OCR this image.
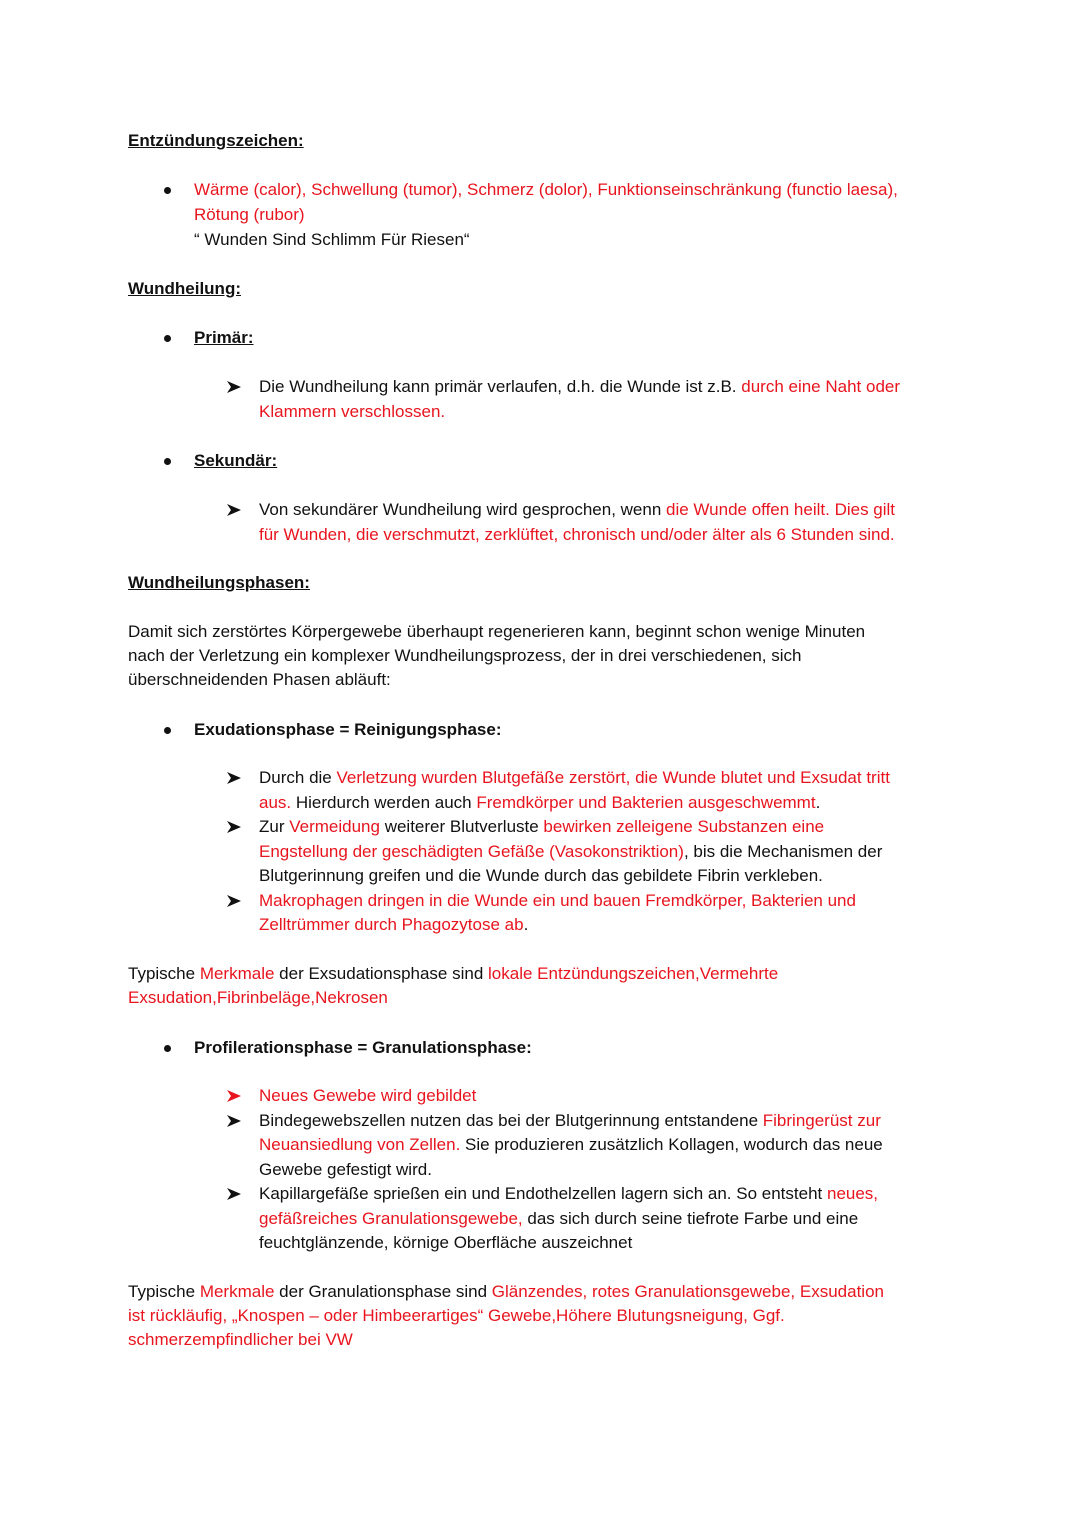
Entzündungszeichen:
Wärme (calor), Schwellung (tumor), Schmerz (dolor), Funktionseinschränkung (functio laesa),
Rötung (rubor)
“ Wunden Sind Schlimm Für Riesen“
Wundheilung:
Primär:
Die Wundheilung kann primär verlaufen, d.h. die Wunde ist z.B. durch eine Naht oder
Klammern verschlossen.
Sekundär:
Von sekundärer Wundheilung wird gesprochen, wenn die Wunde offen heilt. Dies gilt
für Wunden, die verschmutzt, zerklüftet, chronisch und/oder älter als 6 Stunden sind.
Wundheilungsphasen:
Damit sich zerstörtes Körpergewebe überhaupt regenerieren kann, beginnt schon wenige Minuten
nach der Verletzung ein komplexer Wundheilungsprozess, der in drei verschiedenen, sich
überschneidenden Phasen abläuft:
Exudationsphase = Reinigungsphase:
Durch die Verletzung wurden Blutgefäße zerstört, die Wunde blutet und Exsudat tritt
aus. Hierdurch werden auch Fremdkörper und Bakterien ausgeschwemmt.
Zur Vermeidung weiterer Blutverluste bewirken zelleigene Substanzen eine
Engstellung der geschädigten Gefäße (Vasokonstriktion), bis die Mechanismen der
Blutgerinnung greifen und die Wunde durch das gebildete Fibrin verkleben.
Makrophagen dringen in die Wunde ein und bauen Fremdkörper, Bakterien und
Zelltrümmer durch Phagozytose ab.
Typische Merkmale der Exsudationsphase sind lokale Entzündungszeichen,Vermehrte
Exsudation,Fibrinbeläge,Nekrosen
Profilerationsphase = Granulationsphase:
Neues Gewebe wird gebildet
Bindegewebszellen nutzen das bei der Blutgerinnung entstandene Fibringerüst zur
Neuansiedlung von Zellen. Sie produzieren zusätzlich Kollagen, wodurch das neue
Gewebe gefestigt wird.
Kapillargefäße sprießen ein und Endothelzellen lagern sich an. So entsteht neues,
gefäßreiches Granulationsgewebe, das sich durch seine tiefrote Farbe und eine
feuchtglänzende, körnige Oberfläche auszeichnet
Typische Merkmale der Granulationsphase sind Glänzendes, rotes Granulationsgewebe, Exsudation
ist rückläufig, „Knospen – oder Himbeerartiges“ Gewebe,Höhere Blutungsneigung, Ggf.
schmerzempfindlicher bei VW
